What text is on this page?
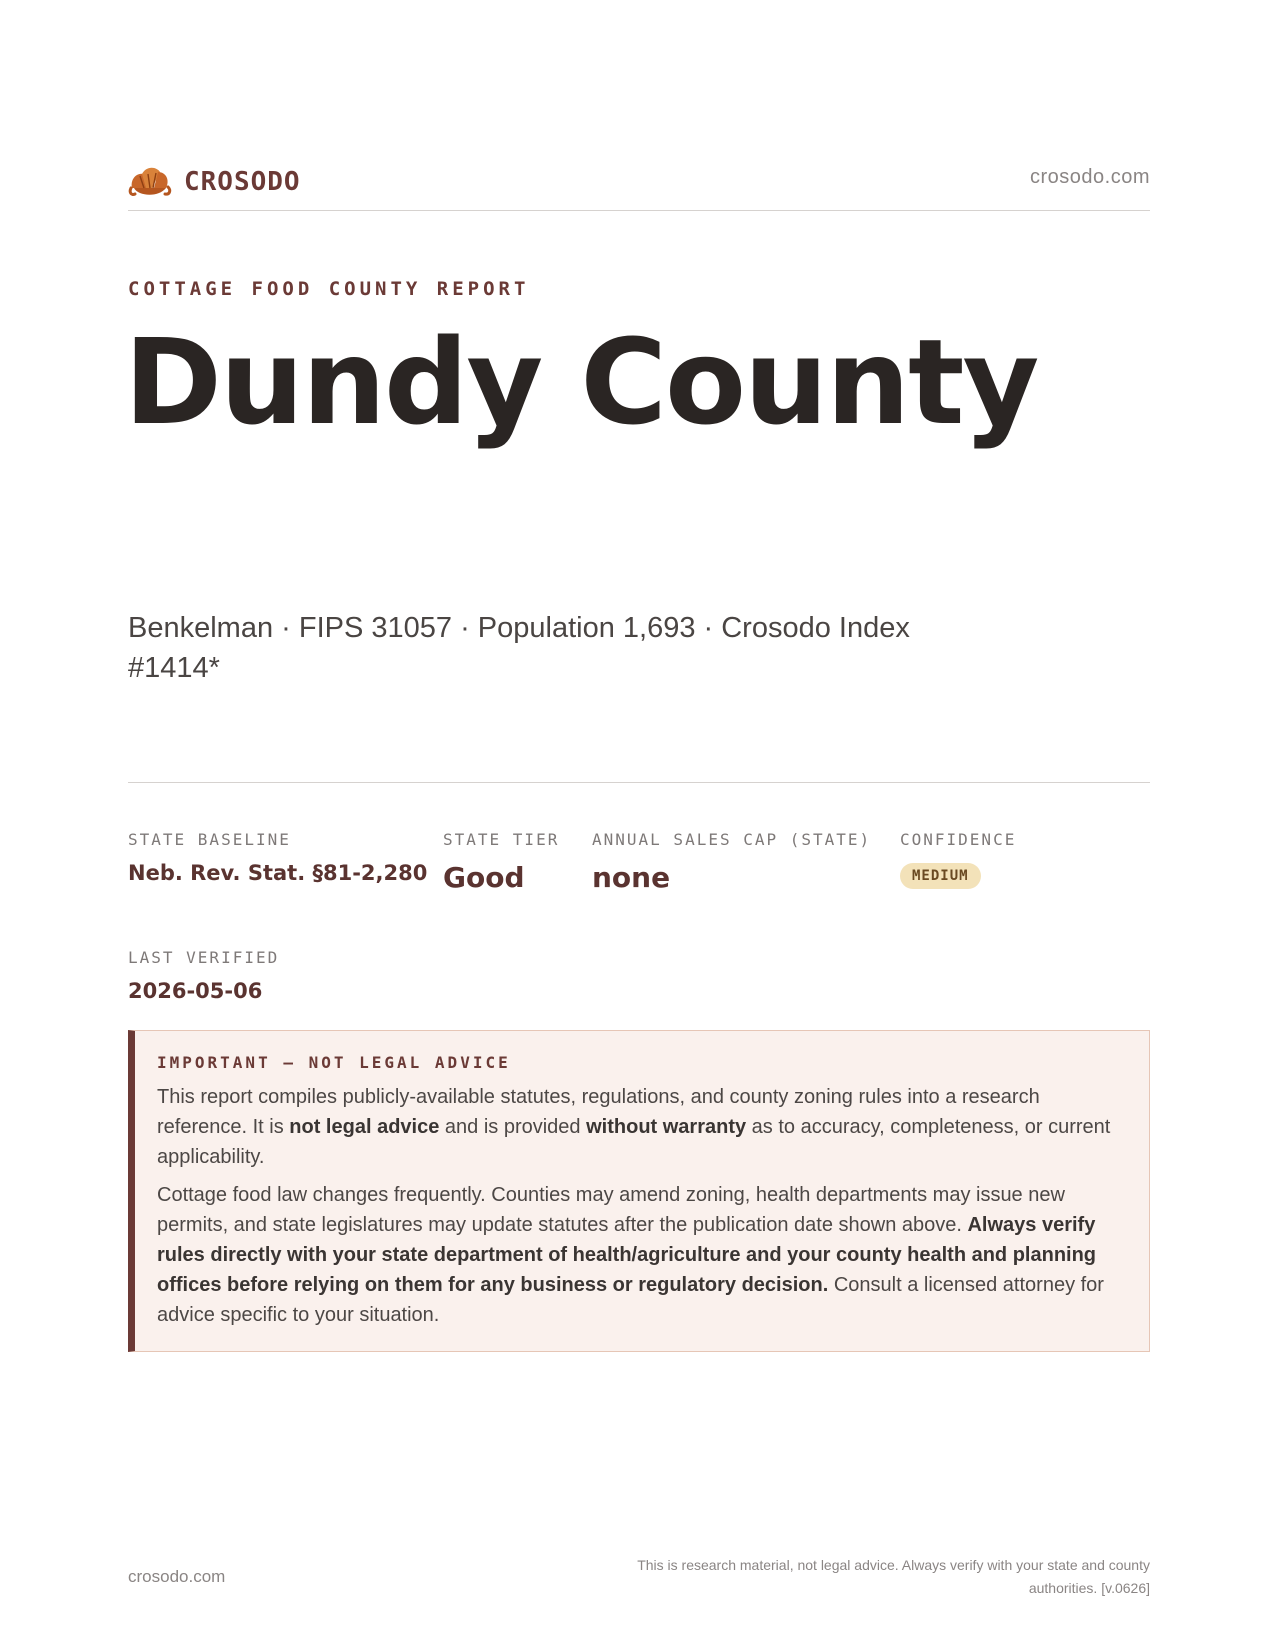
CROSODO	crosodo.com
COTTAGE FOOD COUNTY REPORT
Dundy County
Benkelman · FIPS 31057 · Population 1,693 · Crosodo Index #1414*
STATE BASELINE
Neb. Rev. Stat. §81-2,280
STATE TIER
Good
ANNUAL SALES CAP (STATE)
none
CONFIDENCE
MEDIUM
LAST VERIFIED
2026-05-06
IMPORTANT — NOT LEGAL ADVICE

This report compiles publicly-available statutes, regulations, and county zoning rules into a research reference. It is not legal advice and is provided without warranty as to accuracy, completeness, or current applicability.

Cottage food law changes frequently. Counties may amend zoning, health departments may issue new permits, and state legislatures may update statutes after the publication date shown above. Always verify rules directly with your state department of health/agriculture and your county health and planning offices before relying on them for any business or regulatory decision. Consult a licensed attorney for advice specific to your situation.

crosodo.com
This is research material, not legal advice. Always verify with your state and county authorities. [v.0626]
